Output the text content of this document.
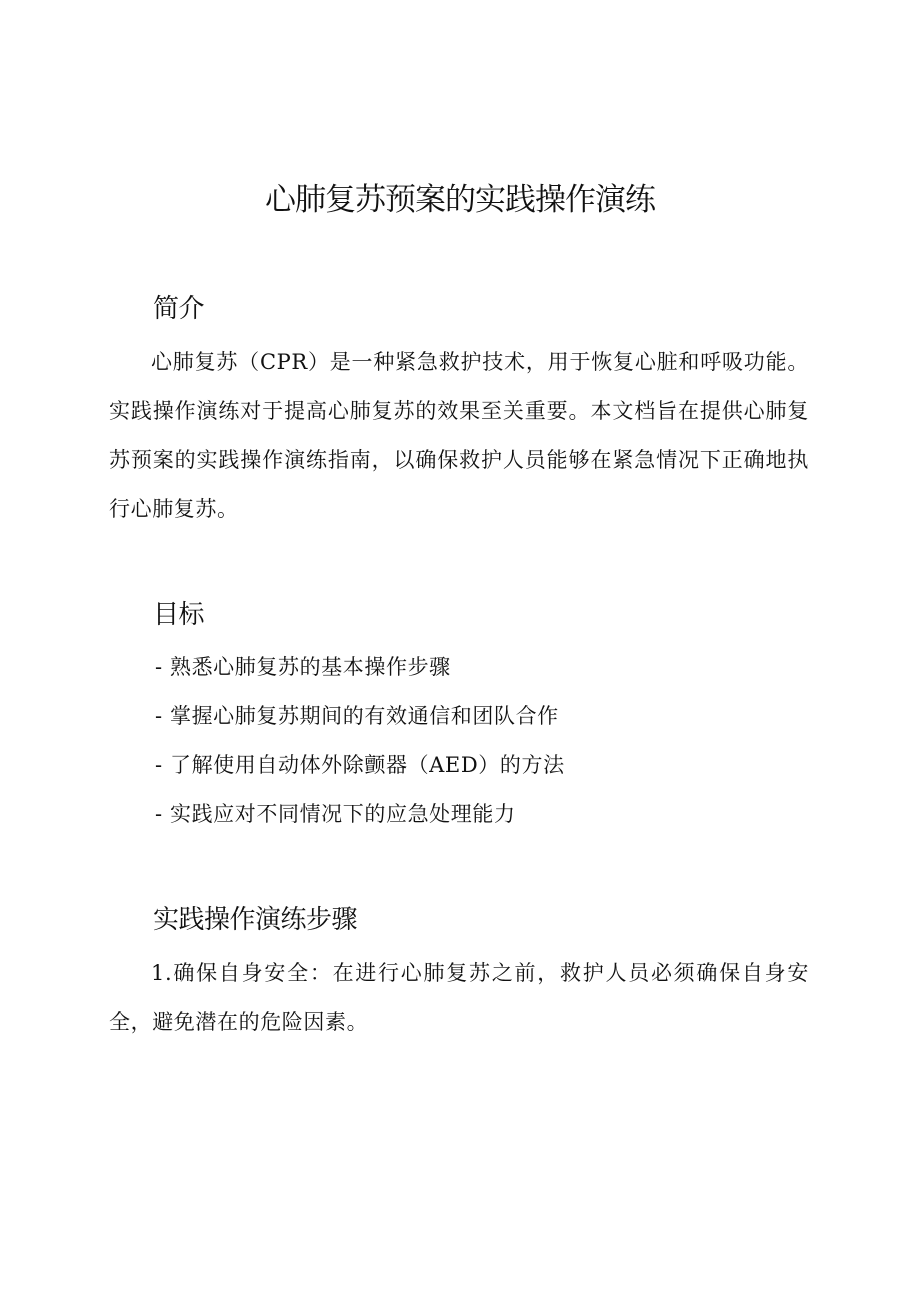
心肺复苏预案的实践操作演练
简介

心肺复苏（CPR）是一种紧急救护技术，用于恢复心脏和呼吸功能。实践操作演练对于提高心肺复苏的效果至关重要。本文档旨在提供心肺复苏预案的实践操作演练指南，以确保救护人员能够在紧急情况下正确地执行心肺复苏。

目标
- 熟悉心肺复苏的基本操作步骤
- 掌握心肺复苏期间的有效通信和团队合作
- 了解使用自动体外除颤器（AED）的方法
- 实践应对不同情况下的应急处理能力
实践操作演练步骤

1.确保自身安全：在进行心肺复苏之前，救护人员必须确保自身安全，避免潜在的危险因素。
